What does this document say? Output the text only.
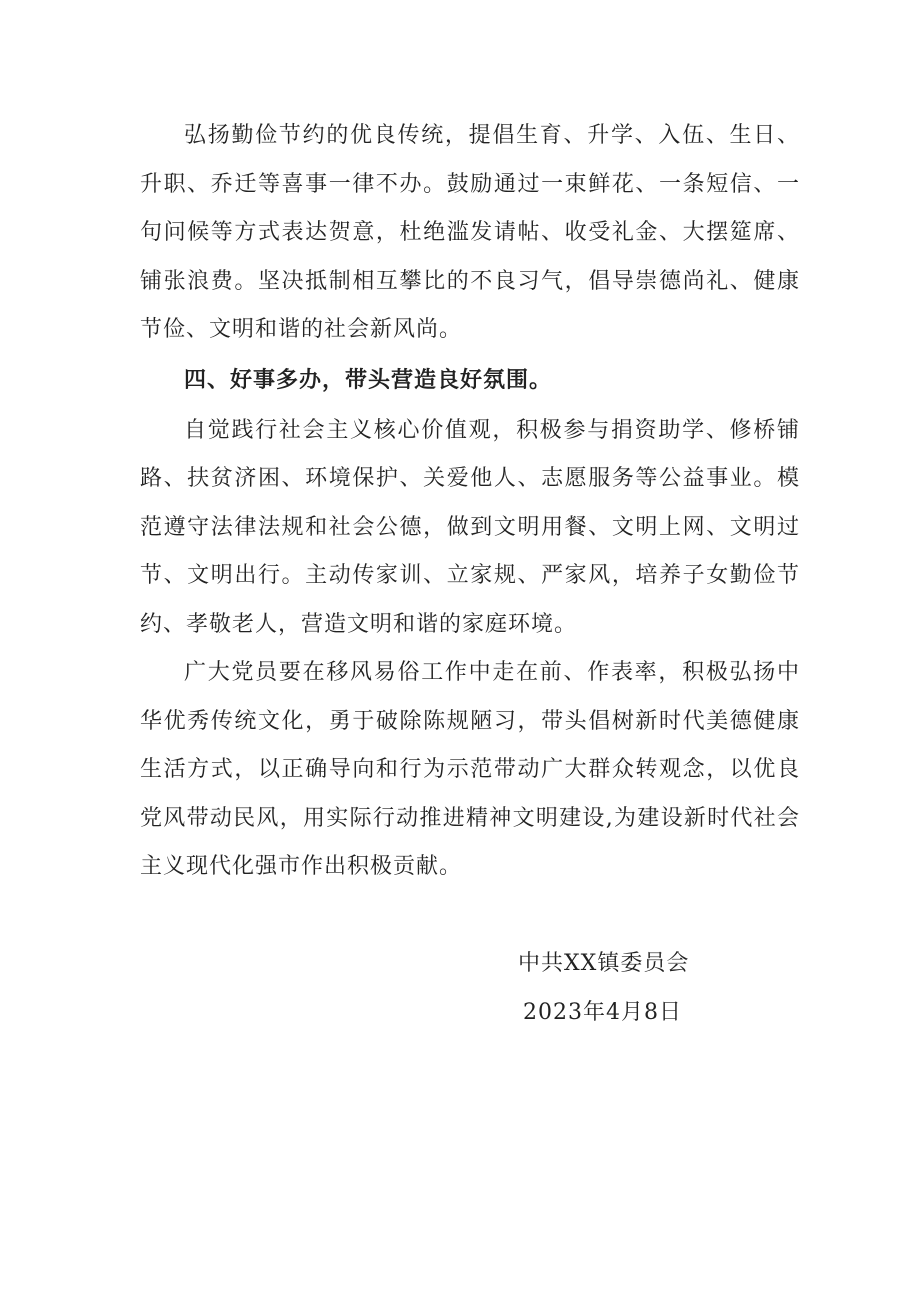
弘扬勤俭节约的优良传统，提倡生育、升学、入伍、生日、升职、乔迁等喜事一律不办。鼓励通过一束鲜花、一条短信、一句问候等方式表达贺意，杜绝滥发请帖、收受礼金、大摆筵席、铺张浪费。坚决抵制相互攀比的不良习气，倡导崇德尚礼、健康节俭、文明和谐的社会新风尚。

四、好事多办，带头营造良好氛围。

自觉践行社会主义核心价值观，积极参与捐资助学、修桥铺路、扶贫济困、环境保护、关爱他人、志愿服务等公益事业。模范遵守法律法规和社会公德，做到文明用餐、文明上网、文明过节、文明出行。主动传家训、立家规、严家风，培养子女勤俭节约、孝敬老人，营造文明和谐的家庭环境。

广大党员要在移风易俗工作中走在前、作表率，积极弘扬中华优秀传统文化，勇于破除陈规陋习，带头倡树新时代美德健康生活方式，以正确导向和行为示范带动广大群众转观念，以优良党风带动民风，用实际行动推进精神文明建设,为建设新时代社会主义现代化强市作出积极贡献。

中共XX镇委员会
2023年4月8日
